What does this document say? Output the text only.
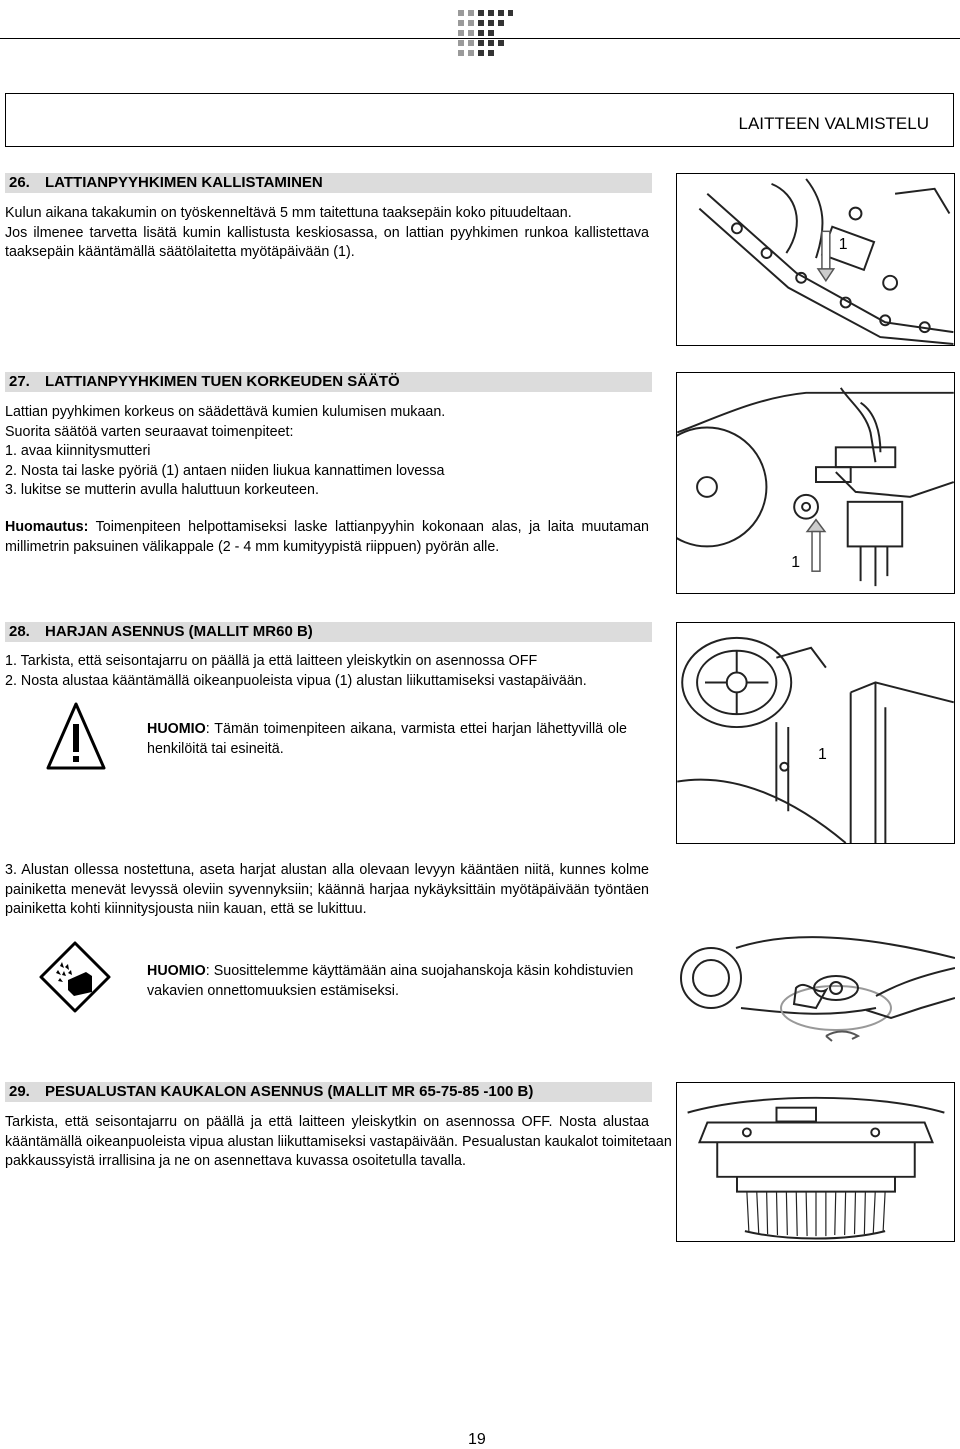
LAITTEEN VALMISTELU
26. LATTIANPYYHKIMEN KALLISTAMINEN
Kulun aikana takakumin on työskenneltävä 5 mm taitettuna taaksepäin koko pituudeltaan.
Jos ilmenee tarvetta lisätä kumin kallistusta keskiosassa, on lattian pyyhkimen runkoa kallistettava
taaksepäin kääntämällä säätölaitetta myötäpäivään (1).	1
27. LATTIANPYYHKIMEN TUEN KORKEUDEN SÄÄTÖ
Lattian pyyhkimen korkeus on säädettävä kumien kulumisen mukaan.
Suorita säätöä varten seuraavat toimenpiteet:
1. avaa kiinnitysmutteri
2. Nosta tai laske pyöriä (1) antaen niiden liukua kannattimen lovessa
3. lukitse se mutterin avulla haluttuun korkeuteen.
Huomautus: Toimenpiteen helpottamiseksi laske lattianpyyhin kokonaan alas, ja laita muutaman
millimetrin paksuinen välikappale (2 - 4 mm kumityypistä riippuen) pyörän alle.
1
28. HARJAN ASENNUS (MALLIT MR60 B)
1. Tarkista, että seisontajarru on päällä ja että laitteen yleiskytkin on asennossa OFF
2. Nosta alustaa kääntämällä oikeanpuoleista vipua (1) alustan liikuttamiseksi vastapäivään.
HUOMIO: Tämän toimenpiteen aikana, varmista ettei harjan lähettyvillä ole
henkilöitä tai esineitä.	1
3. Alustan ollessa nostettuna, aseta harjat alustan alla olevaan levyyn kääntäen niitä, kunnes kolme
painiketta menevät levyssä oleviin syvennyksiin; käännä harjaa nykäyksittäin myötäpäivään työntäen
painiketta kohti kiinnitysjousta niin kauan, että se lukittuu.
HUOMIO: Suosittelemme käyttämään aina suojahanskoja käsin kohdistuvien
vakavien onnettomuuksien estämiseksi.
29. PESUALUSTAN KAUKALON ASENNUS (MALLIT MR 65-75-85 -100 B)
Tarkista, että seisontajarru on päällä ja että laitteen yleiskytkin on asennossa OFF. Nosta alustaa
kääntämällä oikeanpuoleista vipua alustan liikuttamiseksi vastapäivään. Pesualustan kaukalot toimitetaan
pakkaussyistä irrallisina ja ne on asennettava kuvassa osoitetulla tavalla.
19
